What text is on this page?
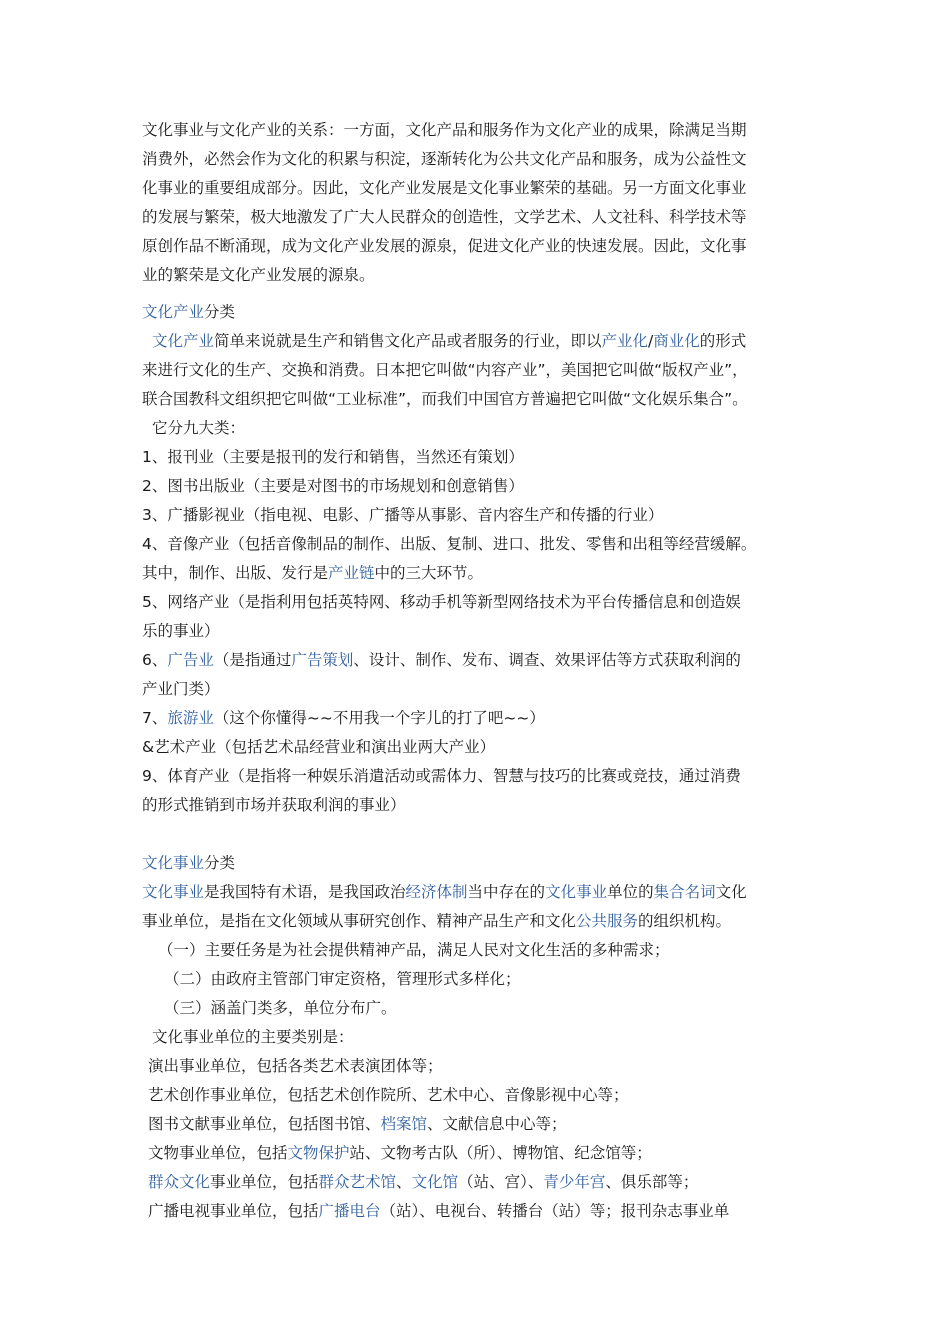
文化事业与文化产业的关系：一方面，文化产品和服务作为文化产业的成果，除满足当期
消费外，必然会作为文化的积累与积淀，逐渐转化为公共文化产品和服务，成为公益性文
化事业的重要组成部分。因此，文化产业发展是文化事业繁荣的基础。另一方面文化事业
的发展与繁荣，极大地激发了广大人民群众的创造性，文学艺术、人文社科、科学技术等
原创作品不断涌现，成为文化产业发展的源泉，促进文化产业的快速发展。因此，文化事
业的繁荣是文化产业发展的源泉。
文化产业分类
文化产业简单来说就是生产和销售文化产品或者服务的行业，即以产业化/商业化的形式
来进行文化的生产、交换和消费。日本把它叫做“内容产业”，美国把它叫做“版权产业”，
联合国教科文组织把它叫做“工业标准”，而我们中国官方普遍把它叫做“文化娱乐集合”。
它分九大类：
1、报刊业（主要是报刊的发行和销售，当然还有策划）
2、图书出版业（主要是对图书的市场规划和创意销售）
3、广播影视业（指电视、电影、广播等从事影、音内容生产和传播的行业）
4、音像产业（包括音像制品的制作、出版、复制、进口、批发、零售和出租等经营缓解。
其中，制作、出版、发行是产业链中的三大环节。
5、网络产业（是指利用包括英特网、移动手机等新型网络技术为平台传播信息和创造娱
乐的事业）
6、广告业（是指通过广告策划、设计、制作、发布、调查、效果评估等方式获取利润的
产业门类）
7、旅游业（这个你懂得~~不用我一个字儿的打了吧~~）
&艺术产业（包括艺术品经营业和演出业两大产业）
9、体育产业（是指将一种娱乐消遣活动或需体力、智慧与技巧的比赛或竞技，通过消费
的形式推销到市场并获取利润的事业）
文化事业分类
文化事业是我国特有术语，是我国政治经济体制当中存在的文化事业单位的集合名词文化
事业单位，是指在文化领域从事研究创作、精神产品生产和文化公共服务的组织机构。
（一）主要任务是为社会提供精神产品，满足人民对文化生活的多种需求；
（二）由政府主管部门审定资格，管理形式多样化；
（三）涵盖门类多，单位分布广。
文化事业单位的主要类别是：
演出事业单位，包括各类艺术表演团体等；
艺术创作事业单位，包括艺术创作院所、艺术中心、音像影视中心等；
图书文献事业单位，包括图书馆、档案馆、文献信息中心等；
文物事业单位，包括文物保护站、文物考古队（所）、博物馆、纪念馆等；
群众文化事业单位，包括群众艺术馆、文化馆（站、宫）、青少年宫、俱乐部等；
广播电视事业单位，包括广播电台（站）、电视台、转播台（站）等；报刊杂志事业单
